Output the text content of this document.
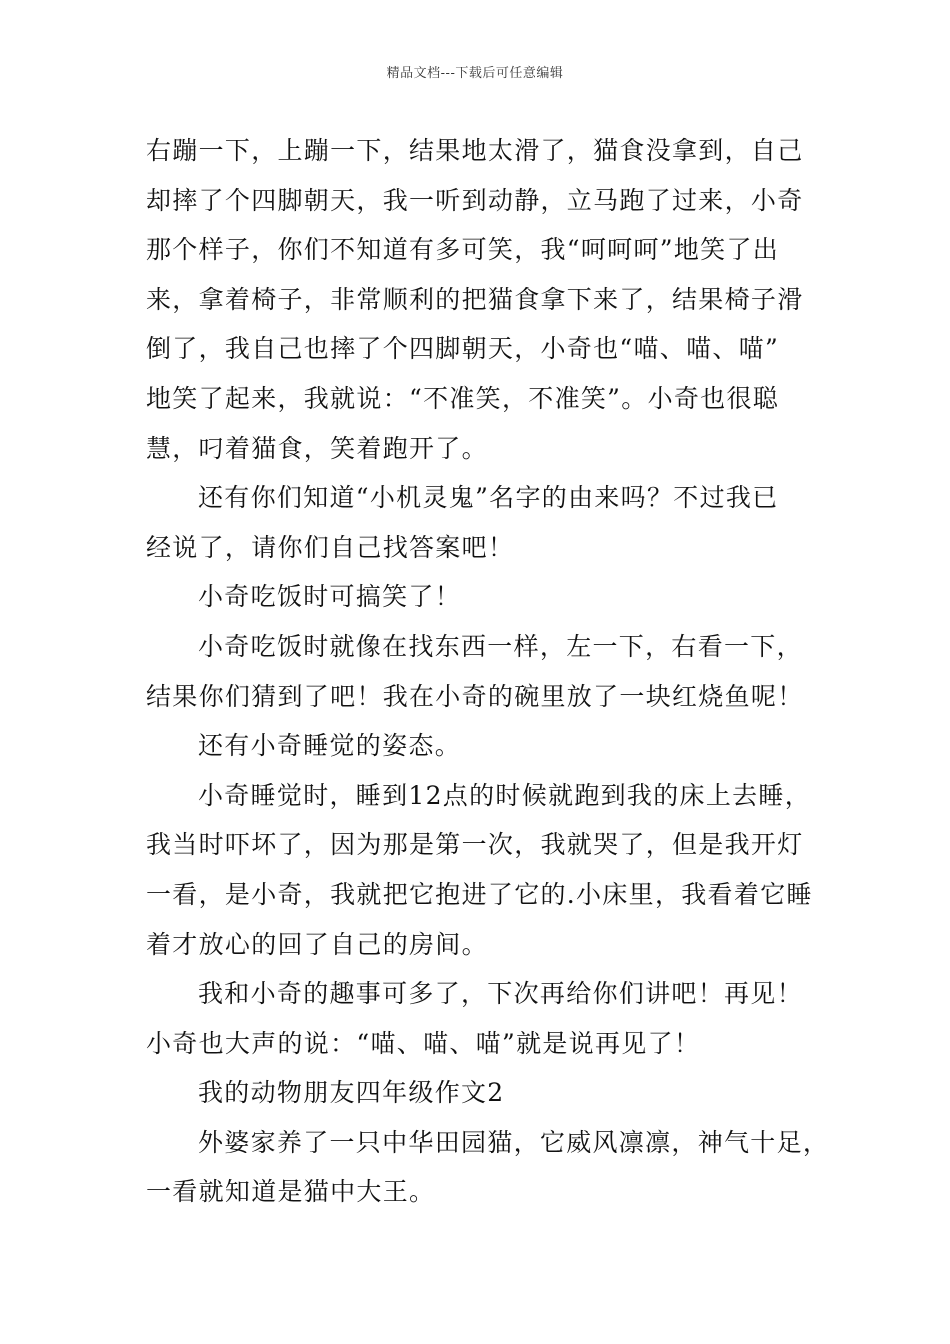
精品文档---下载后可任意编辑
右蹦一下，上蹦一下，结果地太滑了，猫食没拿到，自己
却摔了个四脚朝天，我一听到动静，立马跑了过来，小奇
那个样子，你们不知道有多可笑，我“呵呵呵”地笑了出
来，拿着椅子，非常顺利的把猫食拿下来了，结果椅子滑
倒了，我自己也摔了个四脚朝天，小奇也“喵、喵、喵”
地笑了起来，我就说：“不准笑，不准笑”。小奇也很聪
慧，叼着猫食，笑着跑开了。
还有你们知道“小机灵鬼”名字的由来吗？不过我已
经说了，请你们自己找答案吧！
小奇吃饭时可搞笑了！
小奇吃饭时就像在找东西一样，左一下，右看一下，
结果你们猜到了吧！我在小奇的碗里放了一块红烧鱼呢！
还有小奇睡觉的姿态。
小奇睡觉时，睡到12点的时候就跑到我的床上去睡，
我当时吓坏了，因为那是第一次，我就哭了，但是我开灯
一看，是小奇，我就把它抱进了它的.小床里，我看着它睡
着才放心的回了自己的房间。
我和小奇的趣事可多了，下次再给你们讲吧！再见！
小奇也大声的说：“喵、喵、喵”就是说再见了！
我的动物朋友四年级作文2
外婆家养了一只中华田园猫，它威风凛凛，神气十足，
一看就知道是猫中大王。
